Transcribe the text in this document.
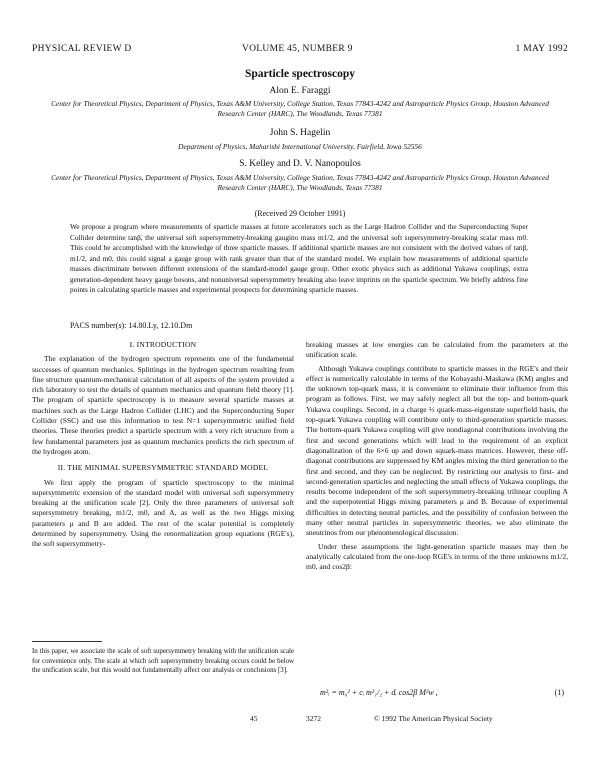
PHYSICAL REVIEW D	VOLUME 45, NUMBER 9	1 MAY 1992
Sparticle spectroscopy
Alon E. Faraggi
Center for Theoretical Physics, Department of Physics, Texas A&M University, College Station, Texas 77843-4242 and Astroparticle Physics Group, Houston Advanced Research Center (HARC), The Woodlands, Texas 77381
John S. Hagelin
Department of Physics, Maharishi International University, Fairfield, Iowa 52556
S. Kelley and D. V. Nanopoulos
Center for Theoretical Physics, Department of Physics, Texas A&M University, College Station, Texas 77843-4242 and Astroparticle Physics Group, Houston Advanced Research Center (HARC), The Woodlands, Texas 77381
(Received 29 October 1991)
We propose a program where measurements of sparticle masses at future accelerators such as the Large Hadron Collider and the Superconducting Super Collider determine tanβ, the universal soft supersymmetry-breaking gaugino mass m1/2, and the universal soft supersymmetry-breaking scalar mass m0. This could be accomplished with the knowledge of three sparticle masses. If additional sparticle masses are not consistent with the derived values of tanβ, m1/2, and m0, this could signal a gauge group with rank greater than that of the standard model. We explain how measurements of additional sparticle masses discriminate between different extensions of the standard-model gauge group. Other exotic physics such as additional Yukawa couplings, extra generation-dependent heavy gauge bosons, and nonuniversal supersymmetry breaking also leave imprints on the sparticle spectrum. We briefly address fine points in calculating sparticle masses and experimental prospects for determining sparticle masses.
PACS number(s): 14.80.Ly, 12.10.Dm
I. INTRODUCTION

The explanation of the hydrogen spectrum represents one of the fundamental successes of quantum mechanics. Splittings in the hydrogen spectrum resulting from fine structure quantum-mechanical calculation of all aspects of the system provided a rich laboratory to test the details of quantum mechanics and quantum field theory [1]. The program of sparticle spectroscopy is to measure several sparticle masses at machines such as the Large Hadron Collider (LHC) and the Superconducting Super Collider (SSC) and use this information to test N=1 supersymmetric unified field theories. These theories predict a sparticle spectrum with a very rich structure from a few fundamental parameters just as quantum mechanics predicts the rich spectrum of the hydrogen atom.

II. THE MINIMAL SUPERSYMMETRIC STANDARD MODEL

We first apply the program of sparticle spectroscopy to the minimal supersymmetric extension of the standard model with universal soft supersymmetry breaking at the unification scale [2]. Only the three parameters of universal soft supersymmetry breaking, m1/2, m0, and A, as well as the two Higgs mixing parameters μ and B are added. The rest of the scalar potential is completely determined by supersymmetry. Using the renormalization group equations (RGE's), the soft supersymmetry-

breaking masses at low energies can be calculated from the parameters at the unification scale.

Although Yukawa couplings contribute to sparticle masses in the RGE's and their effect is numerically calculable in terms of the Kobayashi-Maskawa (KM) angles and the unknown top-quark mass, it is convenient to eliminate their influence from this program as follows. First, we may safely neglect all but the top- and bottom-quark Yukawa couplings. Second, in a charge ⅔ quark-mass-eigenstate superfield basis, the top-quark Yukawa coupling will contribute only to third-generation sparticle masses. The bottom-quark Yukawa coupling will give nondiagonal contributions involving the first and second generations which will lead to the requirement of an explicit diagonalization of the 6×6 up and down squark-mass matrices. However, these off-diagonal contributions are suppressed by KM angles mixing the third generation to the first and second, and they can be neglected. By restricting our analysis to first- and second-generation sparticles and neglecting the small effects of Yukawa couplings, the results become independent of the soft supersymmetry-breaking trilinear coupling A and the superpotential Higgs mixing parameters μ and B. Because of experimental difficulties in detecting neutral particles, and the possibility of confusion between the many other neutral particles in supersymmetric theories, we also eliminate the sneutrinos from our phenomenological discussion.

Under these assumptions the light-generation sparticle masses may then be analytically calculated from the one-loop RGE's in terms of the three unknowns m1/2, m0, and cos2β:

m²ᵢ = m₀² + cᵢ m²₁/₂ + dᵢ cos2β M²w ,	(1)
In this paper, we associate the scale of soft supersymmetry breaking with the unification scale for convenience only. The scale at which soft supersymmetry breaking occurs could be below the unification scale, but this would not fundamentally affect our analysis or conclusions [3].
45	3272	© 1992 The American Physical Society
